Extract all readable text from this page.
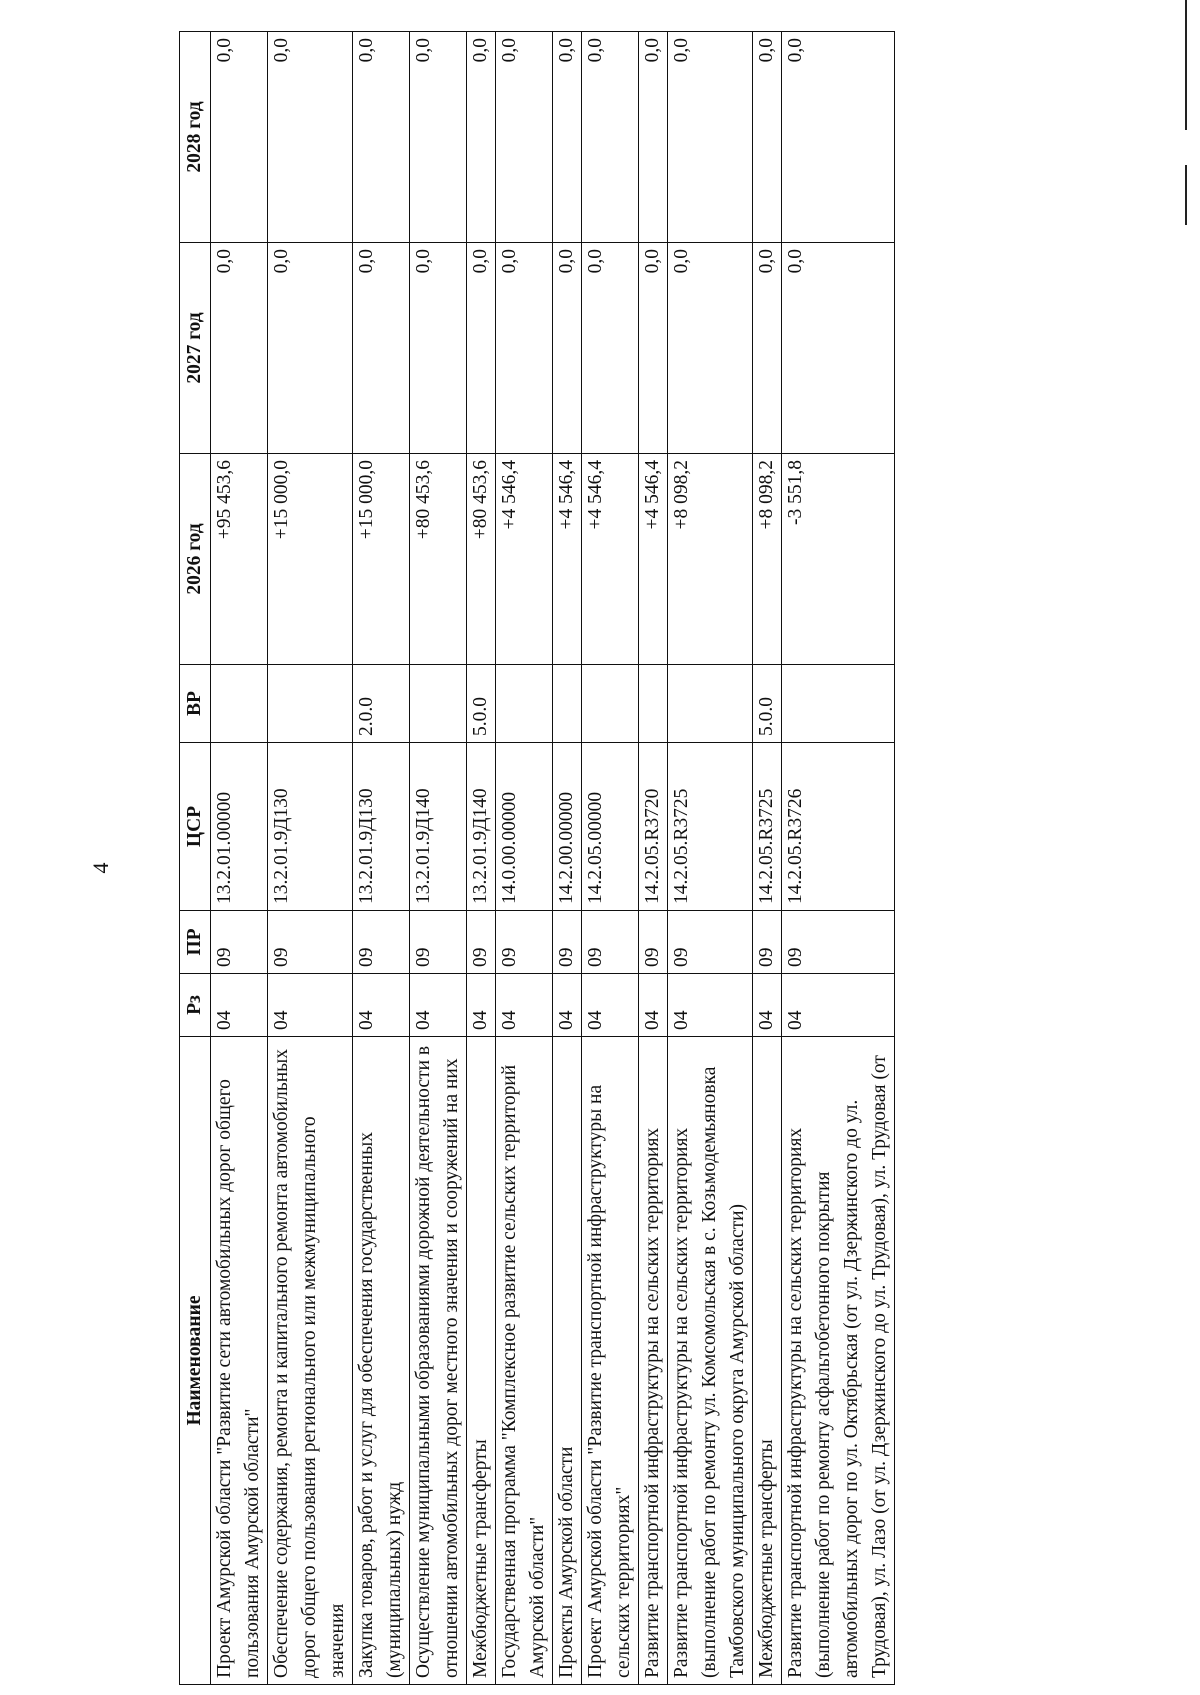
4
Наименование	Рз	ПР	ЦСР	ВР	2026 год	2027 год	2028 год
Проект Амурской области "Развитие сети автомобильных дорог общего пользования Амурской области"	04	09	13.2.01.00000		+95 453,6	0,0	0,0
Обеспечение содержания, ремонта и капитального ремонта автомобильных дорог общего пользования регионального или межмуниципального значения	04	09	13.2.01.9Д130		+15 000,0	0,0	0,0
Закупка товаров, работ и услуг для обеспечения государственных (муниципальных) нужд	04	09	13.2.01.9Д130	2.0.0	+15 000,0	0,0	0,0
Осуществление муниципальными образованиями дорожной деятельности в отношении автомобильных дорог местного значения и сооружений на них	04	09	13.2.01.9Д140		+80 453,6	0,0	0,0
Межбюджетные трансферты	04	09	13.2.01.9Д140	5.0.0	+80 453,6	0,0	0,0
Государственная программа "Комплексное развитие сельских территорий Амурской области"	04	09	14.0.00.00000		+4 546,4	0,0	0,0
Проекты Амурской области	04	09	14.2.00.00000		+4 546,4	0,0	0,0
Проект Амурской области "Развитие транспортной инфраструктуры на сельских территориях"	04	09	14.2.05.00000		+4 546,4	0,0	0,0
Развитие транспортной инфраструктуры на сельских территориях	04	09	14.2.05.R3720		+4 546,4	0,0	0,0
Развитие транспортной инфраструктуры на сельских территориях (выполнение работ по ремонту ул. Комсомольская в с. Козьмодемьяновка Тамбовского муниципального округа Амурской области)	04	09	14.2.05.R3725		+8 098,2	0,0	0,0
Межбюджетные трансферты	04	09	14.2.05.R3725	5.0.0	+8 098,2	0,0	0,0
Развитие транспортной инфраструктуры на сельских территориях (выполнение работ по ремонту асфальтобетонного покрытия автомобильных дорог по ул. Октябрьская (от ул. Дзержинского до ул. Трудовая), ул. Лазо (от ул. Дзержинского до ул. Трудовая), ул. Трудовая (от	04	09	14.2.05.R3726		-3 551,8	0,0	0,0
